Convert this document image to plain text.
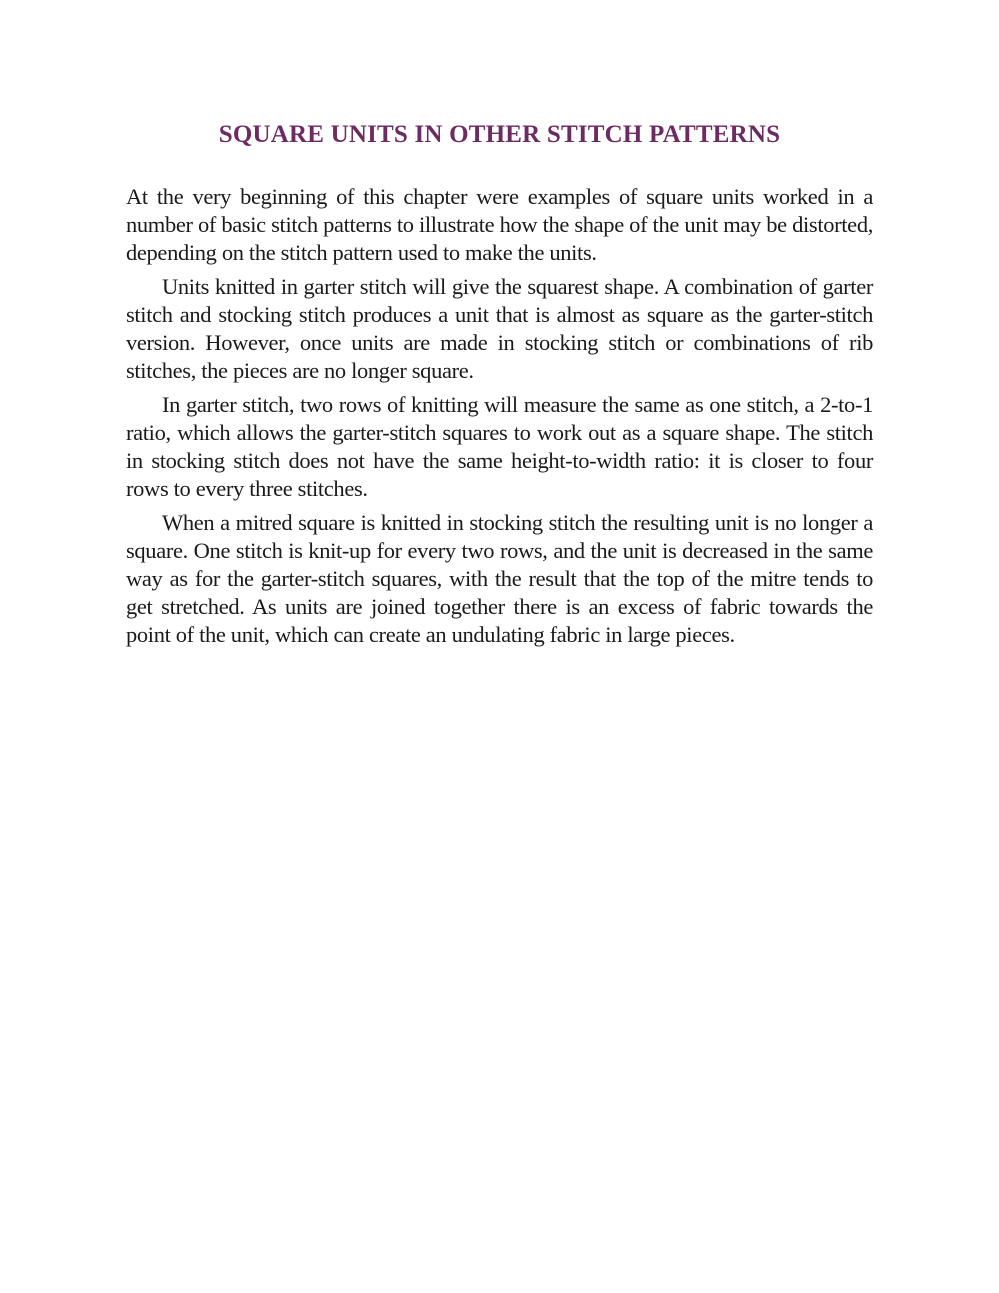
SQUARE UNITS IN OTHER STITCH PATTERNS

At the very beginning of this chapter were examples of square units worked in a number of basic stitch patterns to illustrate how the shape of the unit may be distorted, depending on the stitch pattern used to make the units.

Units knitted in garter stitch will give the squarest shape. A combination of garter stitch and stocking stitch produces a unit that is almost as square as the garter-stitch version. However, once units are made in stocking stitch or combinations of rib stitches, the pieces are no longer square.

In garter stitch, two rows of knitting will measure the same as one stitch, a 2-to-1 ratio, which allows the garter-stitch squares to work out as a square shape. The stitch in stocking stitch does not have the same height-to-width ratio: it is closer to four rows to every three stitches.

When a mitred square is knitted in stocking stitch the resulting unit is no longer a square. One stitch is knit-up for every two rows, and the unit is decreased in the same way as for the garter-stitch squares, with the result that the top of the mitre tends to get stretched. As units are joined together there is an excess of fabric towards the point of the unit, which can create an undulating fabric in large pieces.
